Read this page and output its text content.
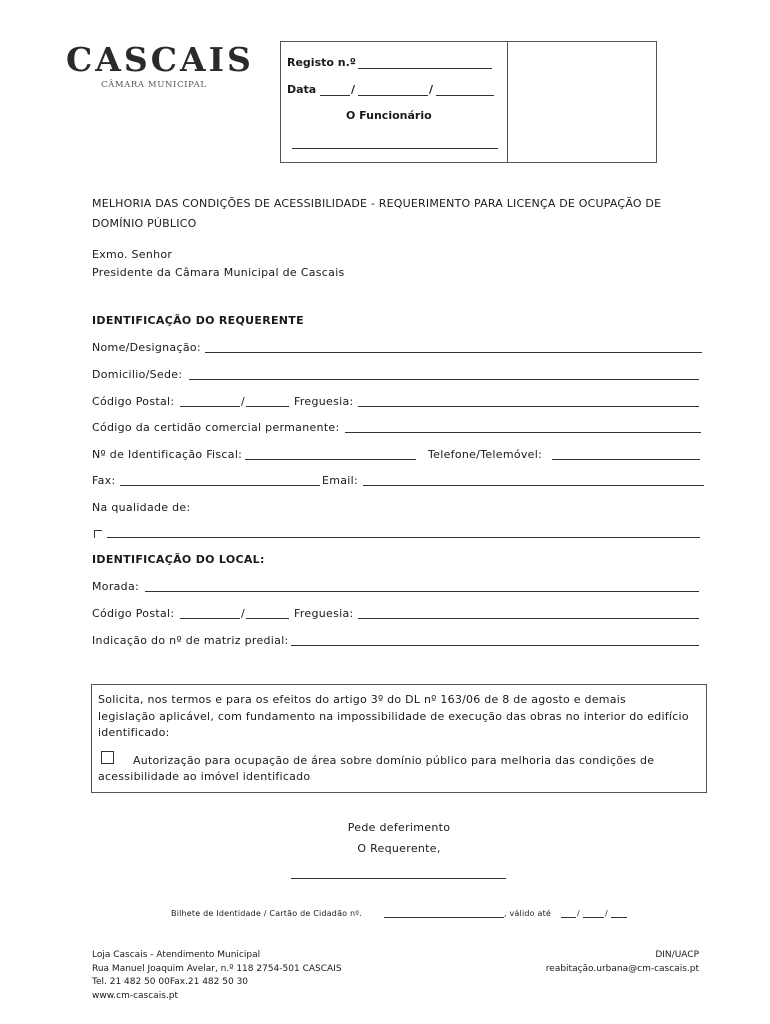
CASCAIS
CÂMARA MUNICIPAL
Registo n.º
Data	/	/
O Funcionário
MELHORIA DAS CONDIÇÕES DE ACESSIBILIDADE - REQUERIMENTO PARA LICENÇA DE OCUPAÇÃO DE
DOMÍNIO PÚBLICO
Exmo. Senhor
Presidente da Câmara Municipal de Cascais
IDENTIFICAÇÃO DO REQUERENTE
Nome/Designação:
Domicilio/Sede:
Código Postal:	/	Freguesia:
Código da certidão comercial permanente:
Nº de Identificação Fiscal:	Telefone/Telemóvel:
Fax:	Email:
Na qualidade de:
IDENTIFICAÇÃO DO LOCAL:
Morada:
Código Postal:	/	Freguesia:
Indicação do nº de matriz predial:
Solicita, nos termos e para os efeitos do artigo 3º do DL nº 163/06 de 8 de agosto e demais
legislação aplicável, com fundamento na impossibilidade de execução das obras no interior do edifício
identificado:
Autorização para ocupação de área sobre domínio público para melhoria das condições de
acessibilidade ao imóvel identificado
Pede deferimento
O Requerente,
Bilhete de Identidade / Cartão de Cidadão nº.	, válido até	/	/
Loja Cascais - Atendimento Municipal
Rua Manuel Joaquim Avelar, n.º 118 2754-501 CASCAIS
Tel. 21 482 50 00Fax.21 482 50 30
www.cm-cascais.pt
DIN/UACP
reabitação.urbana@cm-cascais.pt
